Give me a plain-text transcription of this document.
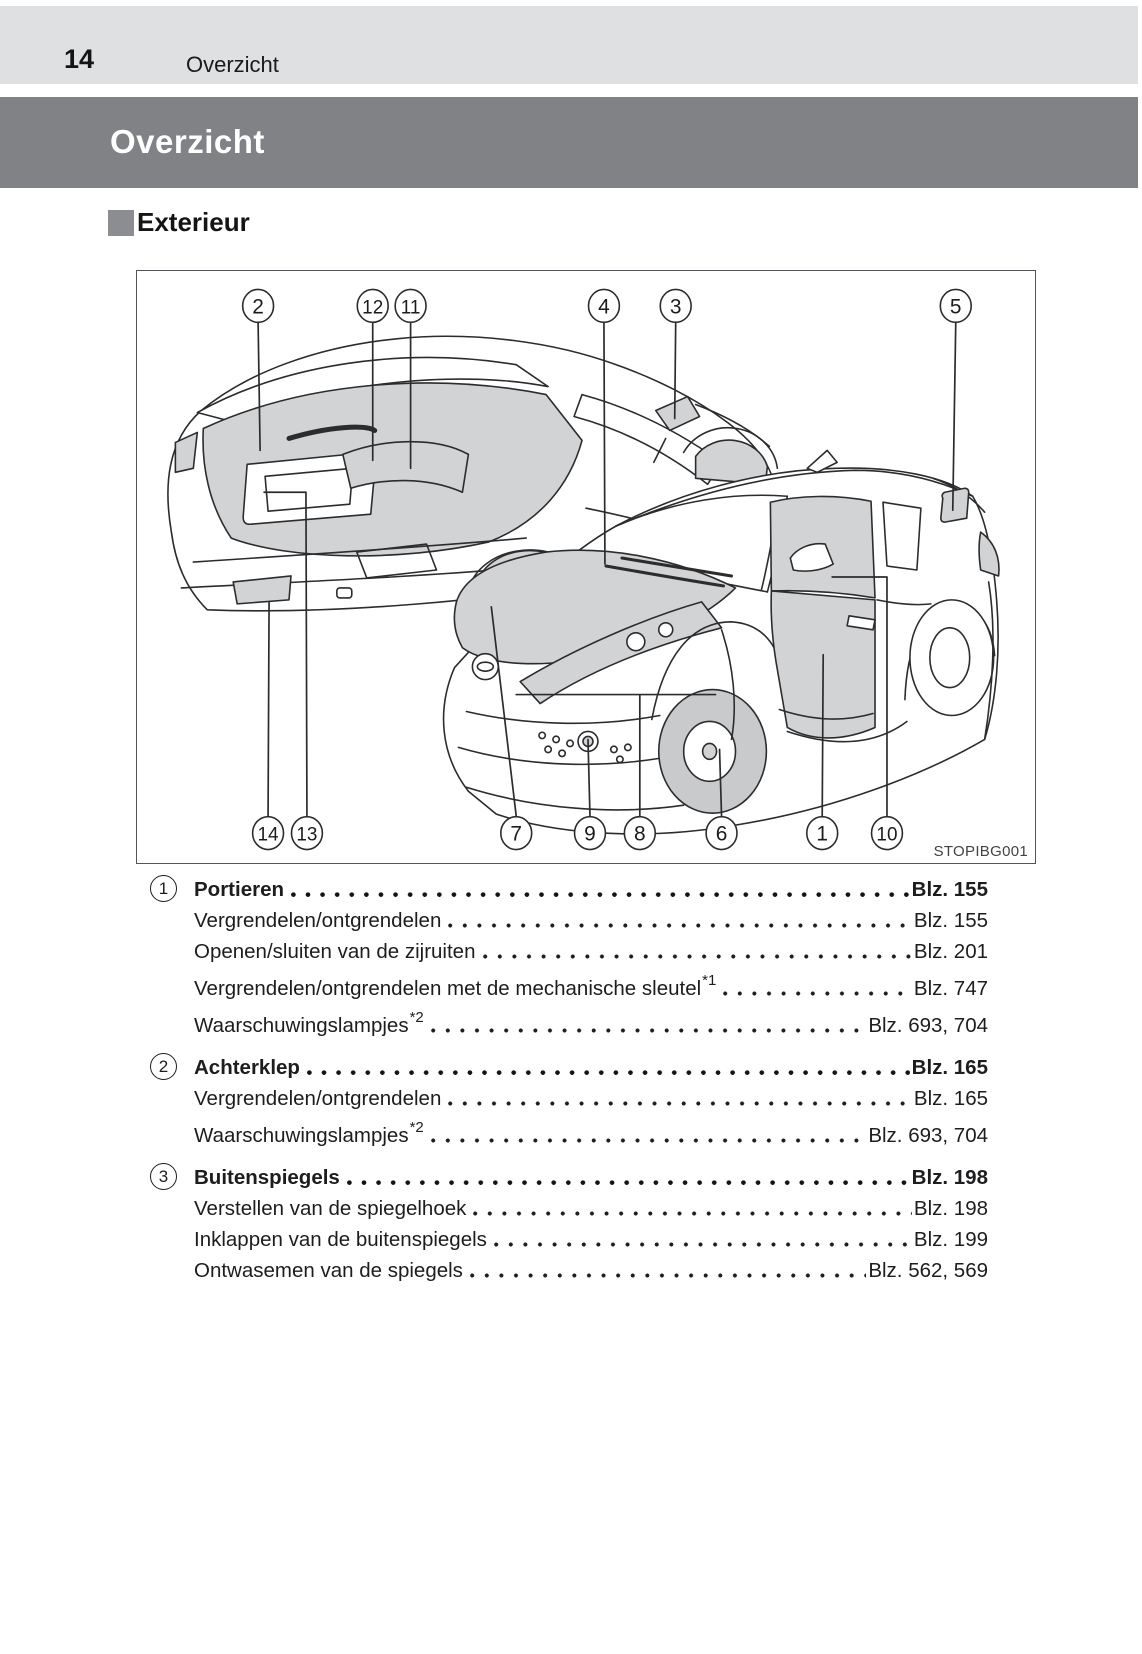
14	Overzicht
Overzicht
Exterieur
2	12 11	4	3	5
14 13	7	9 8	6	1	10
STOPIBG001
1	Portieren	Blz. 155
Vergrendelen/ontgrendelen	Blz. 155
Openen/sluiten van de zijruiten	Blz. 201
Vergrendelen/ontgrendelen met de mechanische sleutel *1	Blz. 747
Waarschuwingslampjes *2	Blz. 693, 704
2	Achterklep	Blz. 165
Vergrendelen/ontgrendelen	Blz. 165
Waarschuwingslampjes *2	Blz. 693, 704
3	Buitenspiegels	Blz. 198
Verstellen van de spiegelhoek	Blz. 198
Inklappen van de buitenspiegels	Blz. 199
Ontwasemen van de spiegels	Blz. 562, 569
